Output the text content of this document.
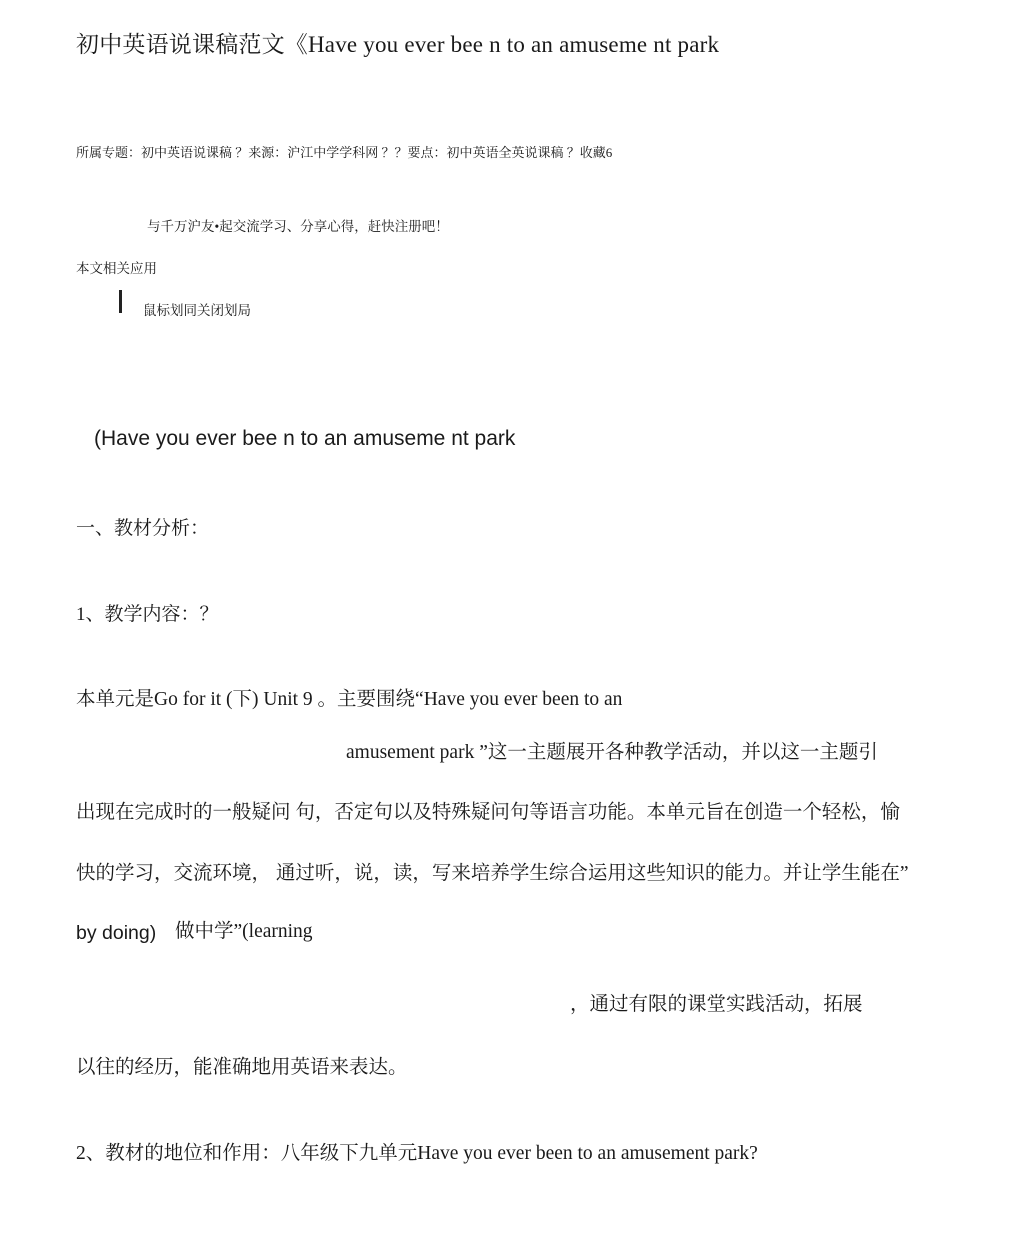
初中英语说课稿范文《Have you ever bee n to an amuseme nt park
所属专题：初中英语说课稿 ？来源：沪江中学学科网 ？？要点：初中英语全英说课稿 ？收藏6
与千万沪友•起交流学习、分享心得，赶快注册吧！
本文相关应用
鼠标划同关闭划局
(Have you ever bee n to an amuseme nt park
一、教材分析：
1、教学内容：？
本单元是Go for it (下) Unit 9 。主要围绕“Have you ever been to an
amusement park ”这一主题展开各种教学活动，并以这一主题引
出现在完成时的一般疑问 句，否定句以及特殊疑问句等语言功能。本单元旨在创造一个轻松，愉
快的学习，交流环境， 通过听，说，读，写来培养学生综合运用这些知识的能力。并让学生能在”
by doing) 做中学”(learning
，通过有限的课堂实践活动，拓展
以往的经历，能准确地用英语来表达。
2、教材的地位和作用：八年级下九单元Have you ever been to an amusement park?
